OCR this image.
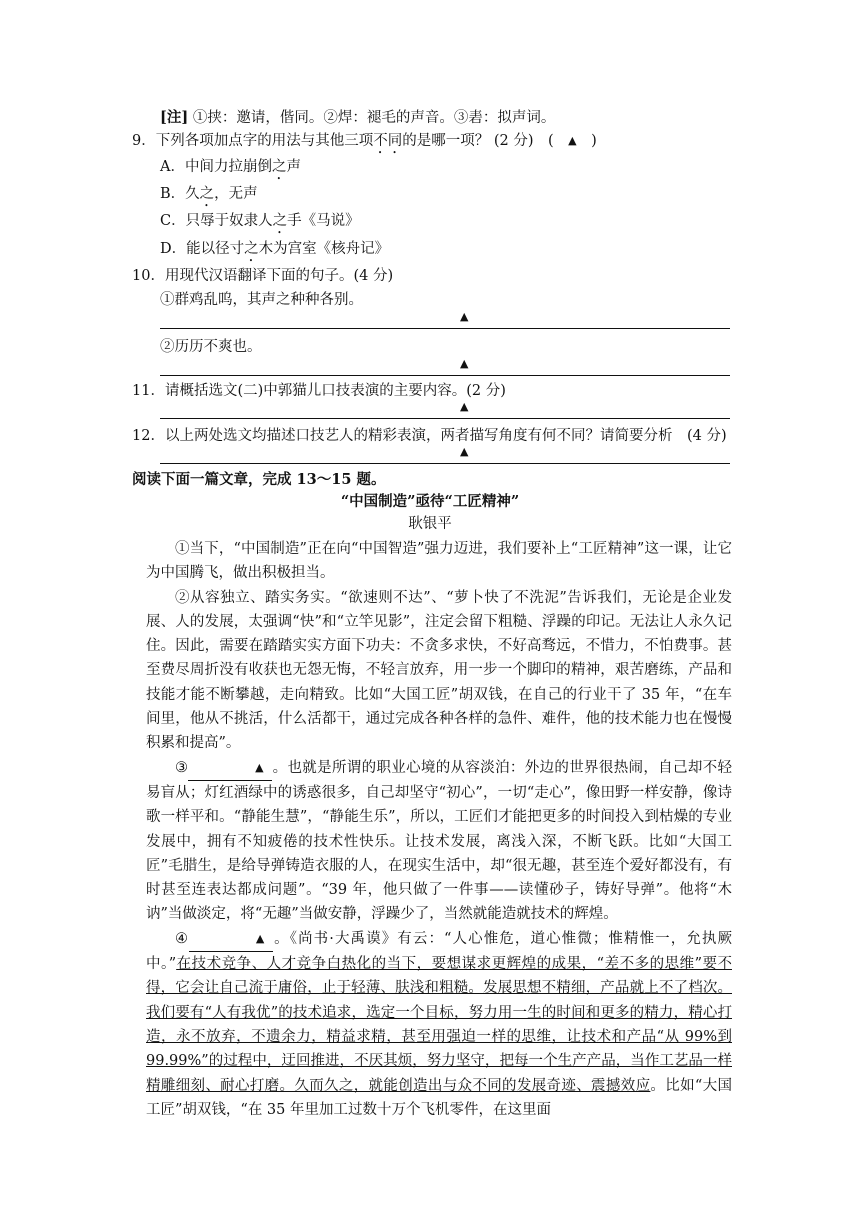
[注] ①挟：邀请，偕同。②焊：褪毛的声音。③砉：拟声词。
9．下列各项加点字的用法与其他三项不同的是哪一项？ (2 分)　(　▲　)
A．中间力拉崩倒之声
B．久之，无声
C．只辱于奴隶人之手《马说》
D．能以径寸之木为宫室《核舟记》
10．用现代汉语翻译下面的句子。(4 分)
①群鸡乱呜，其声之种种各别。
▲
②历历不爽也。
▲
11．请概括选文(二)中郭猫儿口技表演的主要内容。(2 分)
▲
12．以上两处选文均描述口技艺人的精彩表演，两者描写角度有何不同？请简要分析　(4 分)
▲
阅读下面一篇文章，完成 13～15 题。
“中国制造”亟待“工匠精神”
耿银平

①当下，“中国制造”正在向“中国智造”强力迈进，我们要补上“工匠精神”这一课，让它为中国腾飞，做出积极担当。

②从容独立、踏实务实。“欲速则不达”、“萝卜快了不洗泥”告诉我们，无论是企业发展、人的发展，太强调“快”和“立竿见影”，注定会留下粗糙、浮躁的印记。无法让人永久记住。因此，需要在踏踏实实方面下功夫：不贪多求快，不好高骛远，不惜力，不怕费事。甚至费尽周折没有收获也无怨无悔，不轻言放弃，用一步一个脚印的精神，艰苦磨练，产品和技能才能不断攀越，走向精致。比如“大国工匠”胡双钱，在自己的行业干了 35 年，“在车间里，他从不挑活，什么活都干，通过完成各种各样的急件、难件，他的技术能力也在慢慢积累和提高”。

③	▲ 。也就是所谓的职业心境的从容淡泊：外边的世界很热闹，自己却不轻易盲从；灯红酒绿中的诱惑很多，自己却坚守“初心”，一切“走心”，像田野一样安静，像诗歌一样平和。“静能生慧”，“静能生乐”，所以，工匠们才能把更多的时间投入到枯燥的专业发展中，拥有不知疲倦的技术性快乐。让技术发展，离浅入深，不断飞跃。比如“大国工匠”毛腊生，是给导弹铸造衣服的人，在现实生活中，却“很无趣，甚至连个爱好都没有，有时甚至连表达都成问题”。“39 年，他只做了一件事——读懂砂子，铸好导弹”。他将“木讷”当做淡定，将“无趣”当做安静，浮躁少了，当然就能造就技术的辉煌。

④	▲ 。《尚书·大禹谟》有云：“人心惟危，道心惟微；惟精惟一，允执厥中。”在技术竞争、人才竞争白热化的当下，要想谋求更辉煌的成果，“差不多的思维”要不得，它会让自己流于庸俗，止于轻薄、肤浅和粗糙。发展思想不精细，产品就上不了档次。我们要有“人有我优”的技术追求，选定一个目标，努力用一生的时间和更多的精力，精心打造，永不放弃，不遗余力，精益求精，甚至用强迫一样的思维，让技术和产品“从 99%到 99.99%”的过程中，迂回推进，不厌其烦，努力坚守，把每一个生产产品，当作工艺品一样精雕细刻、耐心打磨。久而久之，就能创造出与众不同的发展奇迹、震撼效应。比如“大国工匠”胡双钱，“在 35 年里加工过数十万个飞机零件，在这里面
